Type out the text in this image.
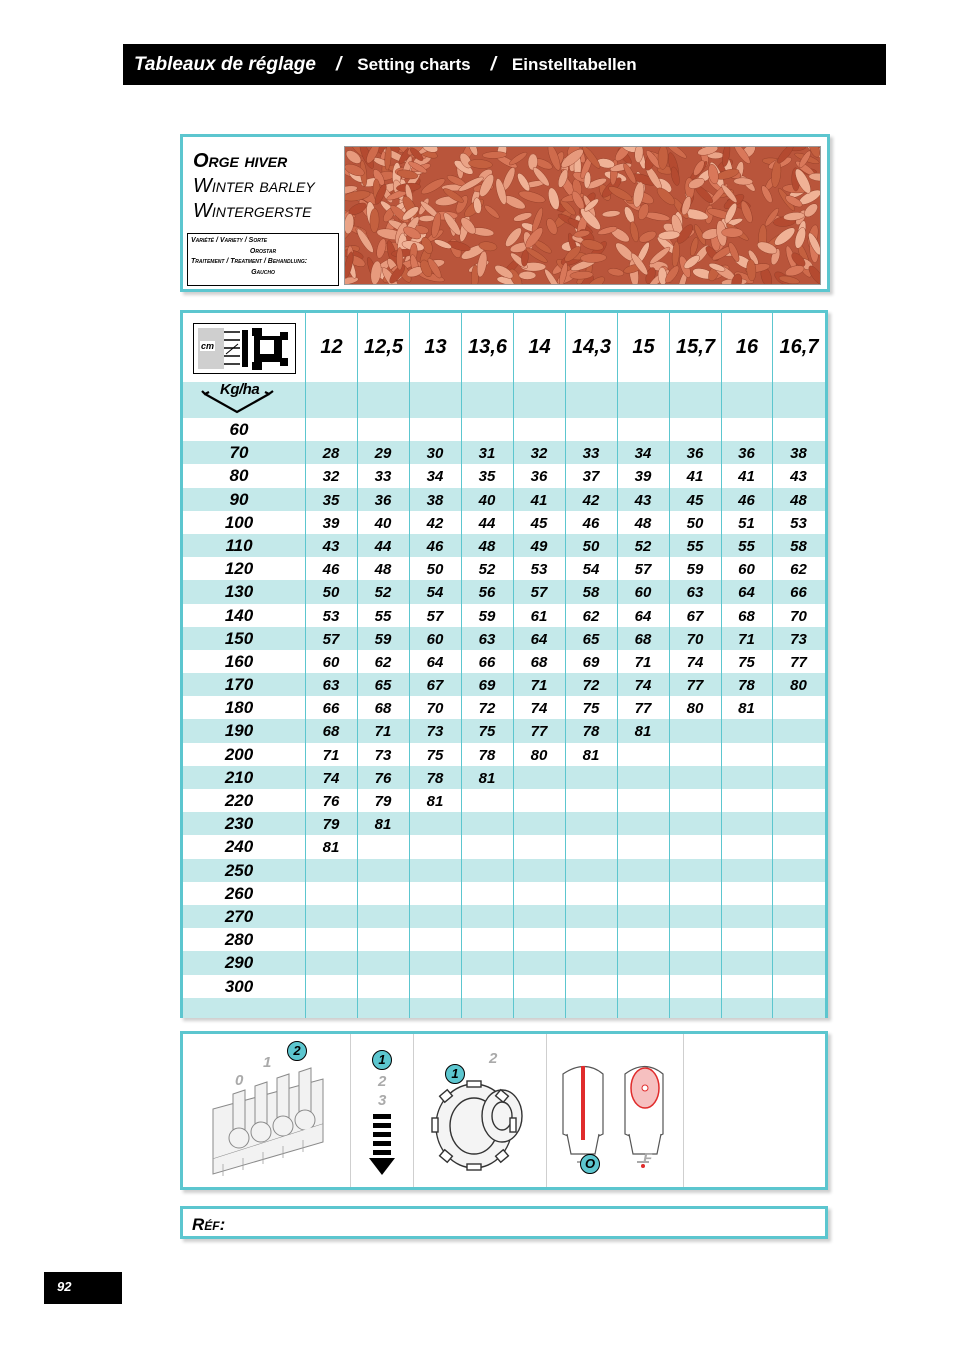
Tableaux de réglage / Setting charts / Einstelltabellen
Orge hiver
Winter barley
Wintergerste
Variété / Variety / Sorte
Orostar
Traitement / Treatment / Behandlung:
Gaucho
60
70	28	29	30	31	32	33	34	36	36	38
80	32	33	34	35	36	37	39	41	41	43
90	35	36	38	40	41	42	43	45	46	48
100	39	40	42	44	45	46	48	50	51	53
110	43	44	46	48	49	50	52	55	55	58
120	46	48	50	52	53	54	57	59	60	62
130	50	52	54	56	57	58	60	63	64	66
140	53	55	57	59	61	62	64	67	68	70
150	57	59	60	63	64	65	68	70	71	73
160	60	62	64	66	68	69	71	74	75	77
170	63	65	67	69	71	72	74	77	78	80
180	66	68	70	72	74	75	77	80	81
190	68	71	73	75	77	78	81
200	71	73	75	78	80	81
210	74	76	78	81
220	76	79	81
230	79	81
240	81
250
260
270
280
290
300
cm	12	12,5	13	13,6	14	14,3	15	15,7	16	16,7
Kg/ha
0
1
2
1
2
3
1
2
O	F
Réf:
92
